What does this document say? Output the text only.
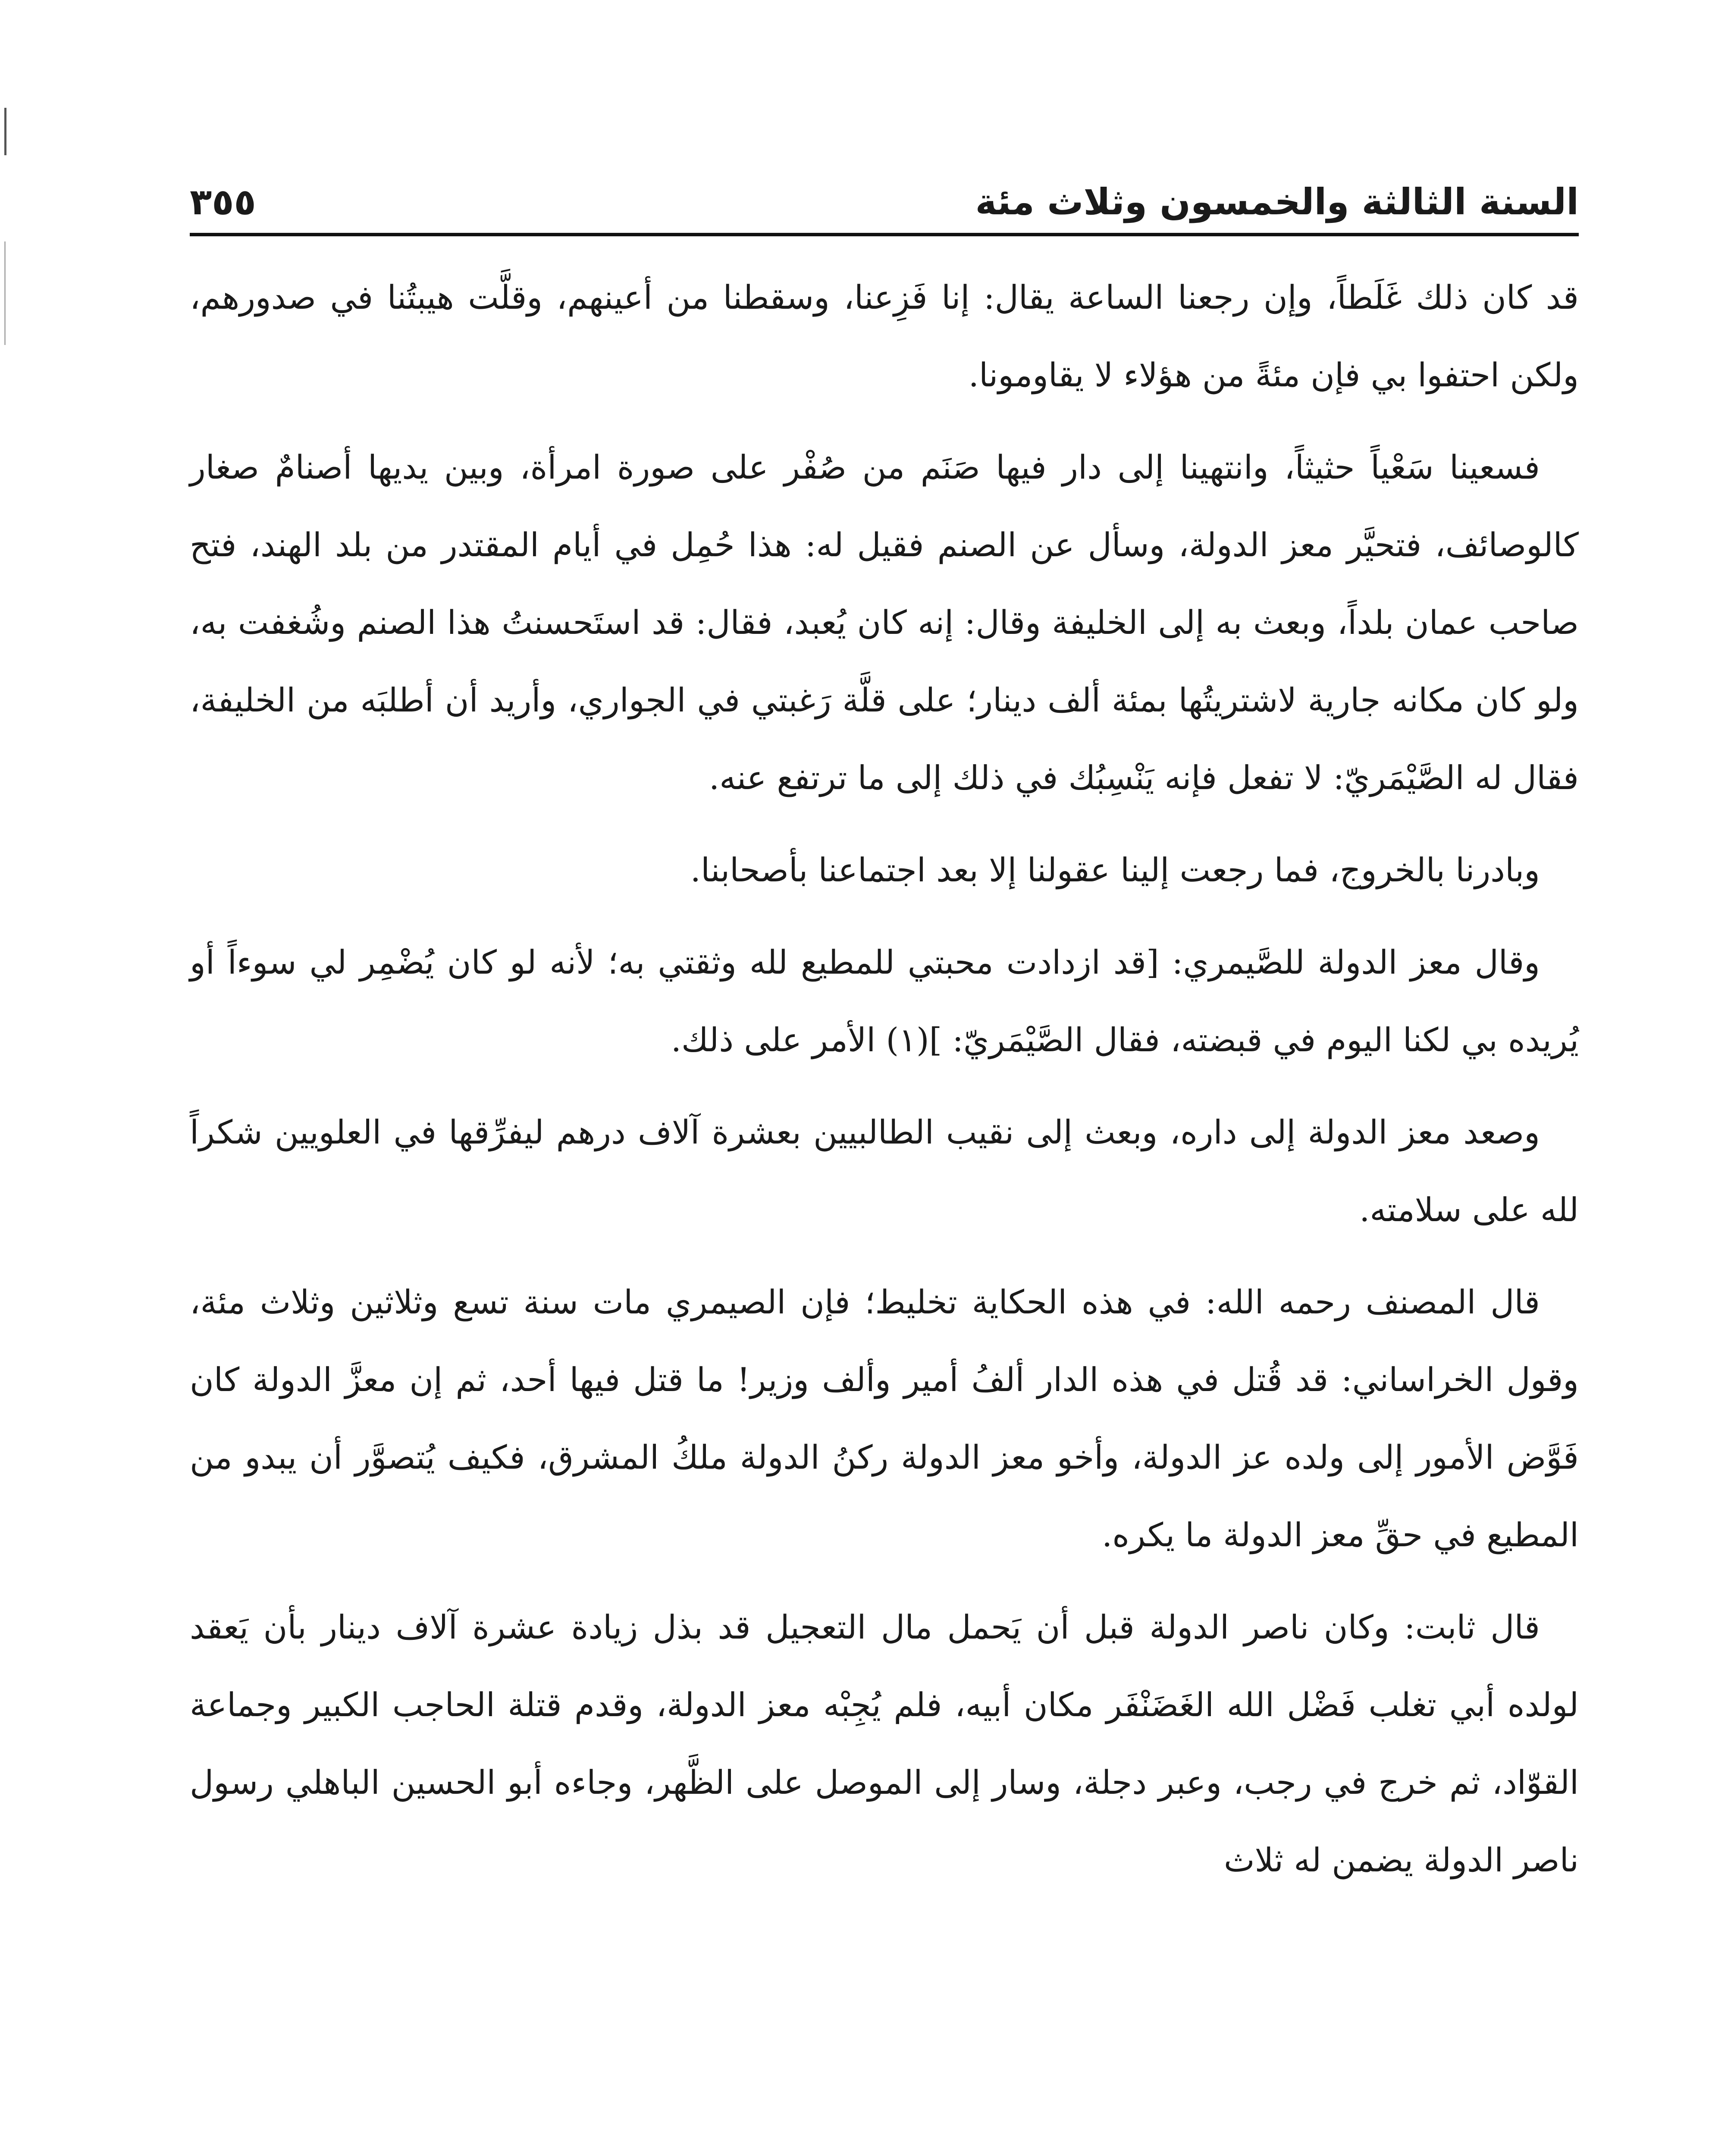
السنة الثالثة والخمسون وثلاث مئة
٣٥٥

قد كان ذلك غَلَطاً، وإن رجعنا الساعة يقال: إنا فَزِعنا، وسقطنا من أعينهم، وقلَّت هيبتُنا في صدورهم، ولكن احتفوا بي فإن مئةً من هؤلاء لا يقاومونا.

فسعينا سَعْياً حثيثاً، وانتهينا إلى دار فيها صَنَم من صُفْر على صورة امرأة، وبين يديها أصنامٌ صغار كالوصائف، فتحيَّر معز الدولة، وسأل عن الصنم فقيل له: هذا حُمِل في أيام المقتدر من بلد الهند، فتح صاحب عمان بلداً، وبعث به إلى الخليفة وقال: إنه كان يُعبد، فقال: قد استَحسنتُ هذا الصنم وشُغفت به، ولو كان مكانه جارية لاشتريتُها بمئة ألف دينار؛ على قلَّة رَغبتي في الجواري، وأريد أن أطلبَه من الخليفة، فقال له الصَّيْمَريّ: لا تفعل فإنه يَنْسِبُك في ذلك إلى ما ترتفع عنه.

وبادرنا بالخروج، فما رجعت إلينا عقولنا إلا بعد اجتماعنا بأصحابنا.

وقال معز الدولة للصَّيمري: [قد ازدادت محبتي للمطيع لله وثقتي به؛ لأنه لو كان يُضْمِر لي سوءاً أو يُريده بي لكنا اليوم في قبضته، فقال الصَّيْمَريّ: ](١) الأمر على ذلك.

وصعد معز الدولة إلى داره، وبعث إلى نقيب الطالبيين بعشرة آلاف درهم ليفرِّقها في العلويين شكراً لله على سلامته.

قال المصنف رحمه الله: في هذه الحكاية تخليط؛ فإن الصيمري مات سنة تسع وثلاثين وثلاث مئة، وقول الخراساني: قد قُتل في هذه الدار ألفُ أمير وألف وزير! ما قتل فيها أحد، ثم إن معزَّ الدولة كان فَوَّض الأمور إلى ولده عز الدولة، وأخو معز الدولة ركنُ الدولة ملكُ المشرق، فكيف يُتصوَّر أن يبدو من المطيع في حقِّ معز الدولة ما يكره.

قال ثابت: وكان ناصر الدولة قبل أن يَحمل مال التعجيل قد بذل زيادة عشرة آلاف دينار بأن يَعقد لولده أبي تغلب فَضْل الله الغَضَنْفَر مكان أبيه، فلم يُجِبْه معز الدولة، وقدم قتلة الحاجب الكبير وجماعة القوّاد، ثم خرج في رجب، وعبر دجلة، وسار إلى الموصل على الظَّهر، وجاءه أبو الحسين الباهلي رسول ناصر الدولة يضمن له ثلاث
